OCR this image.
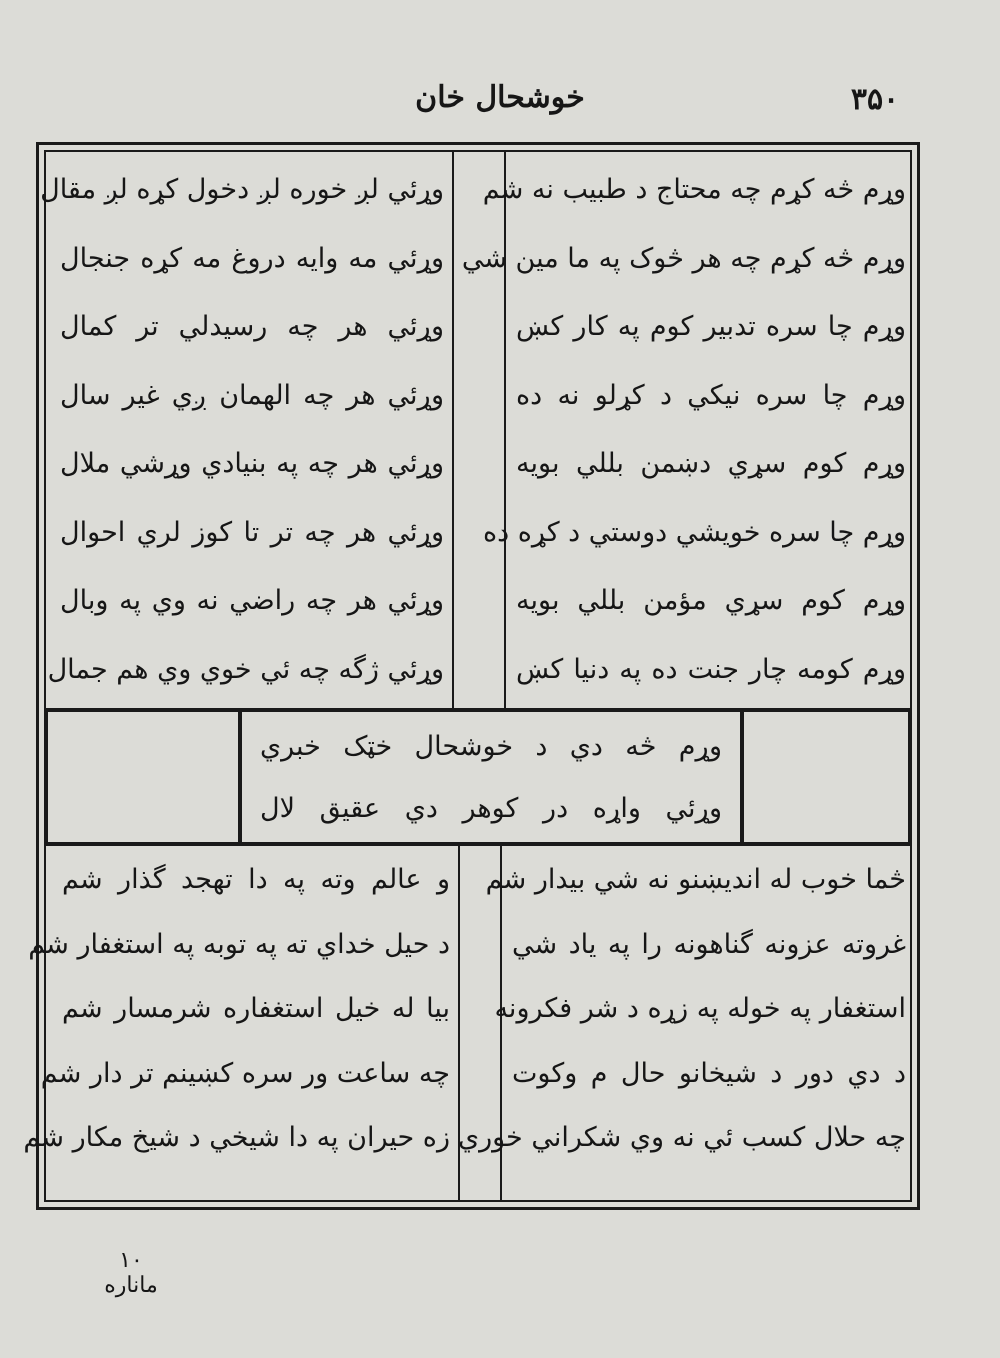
خوشحال خان	۳۵۰
وړم څه دي د خوشحال خټک خبري
وړئي واړه در کوهر دي عقیق لال
وړم څه کړم چه محتاج د طبیب نه شم
وړم څه کړم چه هر څوک په ما مین شي
وړم چا سره تدبیر کوم په کار کښ
وړم چا سره نیکي د کړلو نه ده
وړم کوم سړي دښمن بللي بویه
وړم چا سره خویشي دوستي د کړه ده
وړم کوم سړي مؤمن بللي بویه
وړم کومه چار جنت ده په دنیا کښ
وړئي لږ خوره لږ دخول کړه لږ مقال
وړئي مه وایه دروغ مه کړه جنجال
وړئي هر چه رسیدلي تر کمال
وړئي هر چه الهمان ږي غیر سال
وړئي هر چه په بنیادي وړشي ملال
وړئي هر چه تر تا کوز لري احوال
وړئي هر چه راضي نه وي په وبال
وړئي ژگه چه ئي خوي وي هم جمال
څما خوب له اندیښنو نه شي بیدار شم
غروته عزونه گناهونه را په یاد شي
استغفار په خوله په زړه د شر فکرونه
د دي دور د شیخانو حال م وکوت
چه حلال کسب ئي نه وي شکراني خوري
و عالم وته په دا تهجد گذار شم
د حیل خداي ته په توبه په استغفار شم
بیا له خیل استغفاره شرمسار شم
چه ساعت ور سره کښینم تر دار شم
زه حیران په دا شیخي د شیخ مکار شم
۱۰ ماناره
